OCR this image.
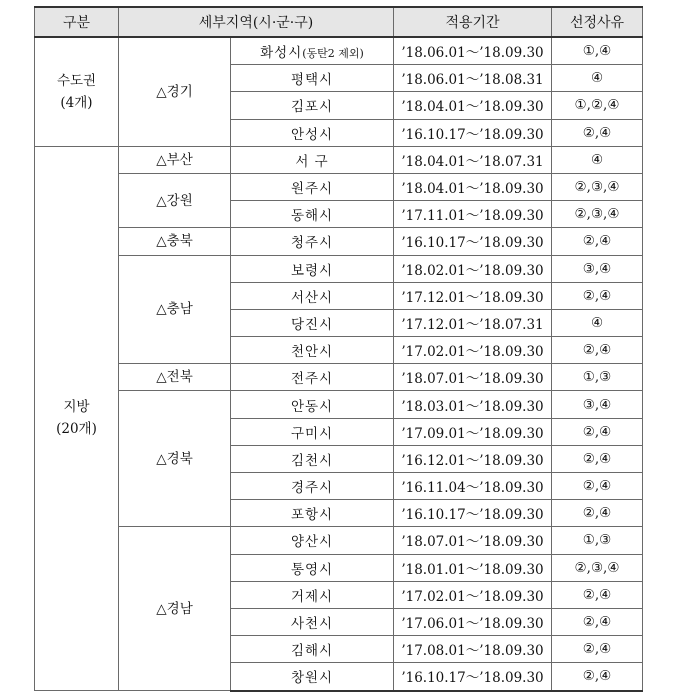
구분	세부지역(시·군·구)		적용기간	선정사유

수도권
(4개)	△경기	화성시(동탄2 제외)	’18.06.01～’18.09.30	①,④
		평택시	’18.06.01～’18.08.31	④
		김포시	’18.04.01～’18.09.30	①,②,④
		안성시	’16.10.17～’18.09.30	②,④

지방
(20개)	△부산	서 구	’18.04.01～’18.07.31	④
	△강원	원주시	’18.04.01～’18.09.30	②,③,④
		동해시	’17.11.01～’18.09.30	②,③,④
	△충북	청주시	’16.10.17～’18.09.30	②,④
	△충남	보령시	’18.02.01～’18.09.30	③,④
		서산시	’17.12.01～’18.09.30	②,④
		당진시	’17.12.01～’18.07.31	④
		천안시	’17.02.01～’18.09.30	②,④
	△전북	전주시	’18.07.01～’18.09.30	①,③
	△경북	안동시	’18.03.01～’18.09.30	③,④
		구미시	’17.09.01～’18.09.30	②,④
		김천시	’16.12.01～’18.09.30	②,④
		경주시	’16.11.04～’18.09.30	②,④
		포항시	’16.10.17～’18.09.30	②,④
	△경남	양산시	’18.07.01～’18.09.30	①,③
		통영시	’18.01.01～’18.09.30	②,③,④
		거제시	’17.02.01～’18.09.30	②,④
		사천시	’17.06.01～’18.09.30	②,④
		김해시	’17.08.01～’18.09.30	②,④
		창원시	’16.10.17～’18.09.30	②,④
